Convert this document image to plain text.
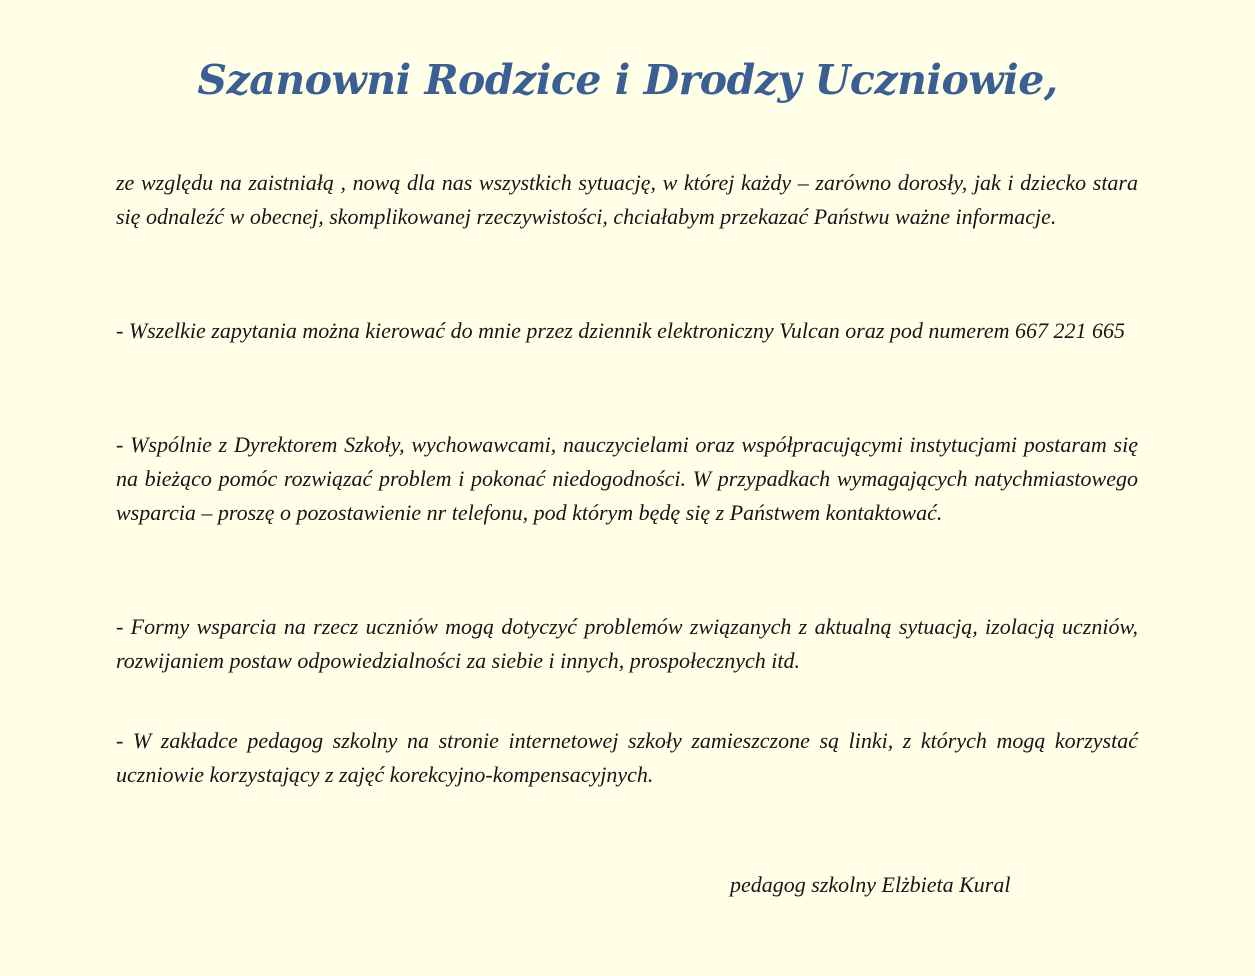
Szanowni Rodzice i Drodzy Uczniowie,

ze względu na zaistniałą , nową dla nas wszystkich sytuację, w której każdy – zarówno dorosły, jak i dziecko stara się odnaleźć w obecnej, skomplikowanej rzeczywistości, chciałabym przekazać Państwu ważne informacje.

- Wszelkie zapytania można kierować do mnie przez dziennik elektroniczny Vulcan oraz pod numerem 667 221 665

- Wspólnie z Dyrektorem Szkoły, wychowawcami, nauczycielami oraz współpracującymi instytucjami postaram się na bieżąco pomóc rozwiązać problem i pokonać niedogodności. W przypadkach wymagających natychmiastowego wsparcia – proszę o pozostawienie nr telefonu, pod którym będę się z Państwem kontaktować.

- Formy wsparcia na rzecz uczniów mogą dotyczyć problemów związanych z aktualną sytuacją, izolacją uczniów, rozwijaniem postaw odpowiedzialności za siebie i innych, prospołecznych itd.

- W zakładce pedagog szkolny na stronie internetowej szkoły zamieszczone są linki, z których mogą korzystać uczniowie korzystający z zajęć korekcyjno-kompensacyjnych.

pedagog szkolny Elżbieta Kural
